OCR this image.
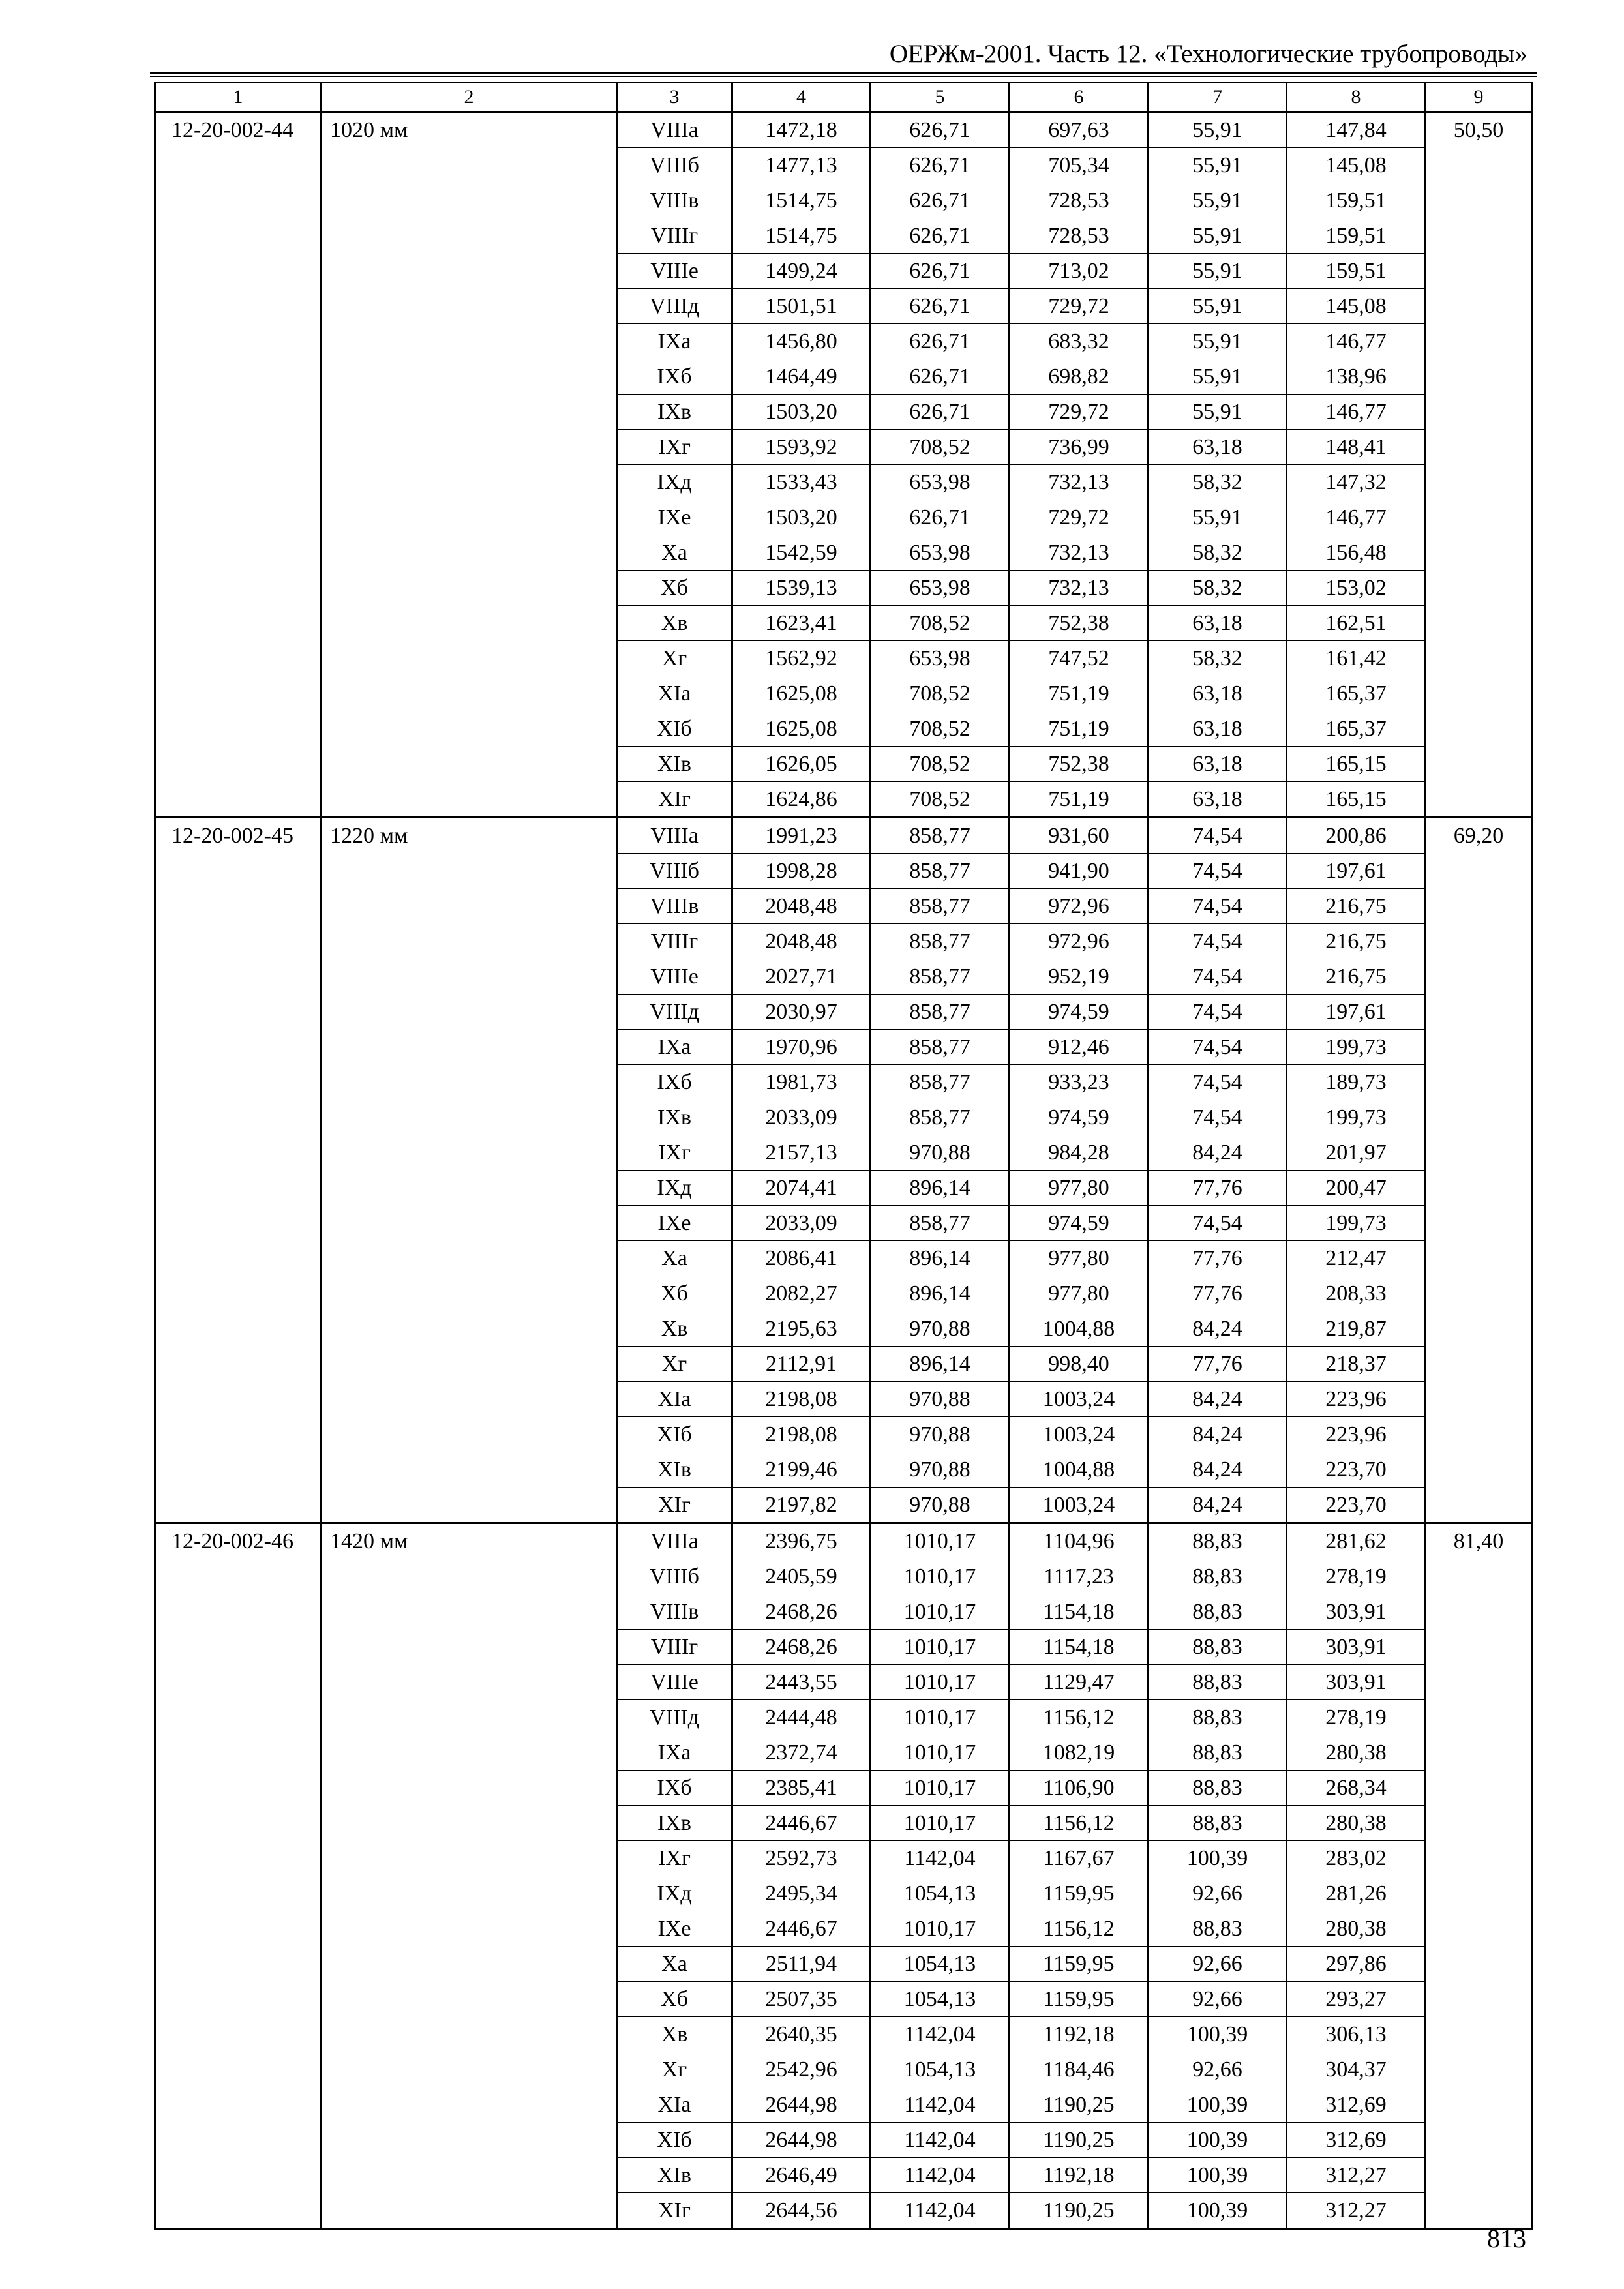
ОЕРЖм-2001. Часть 12. «Технологические трубопроводы»
1	2	3	4	5	6	7	8	9
12-20-002-44	1020 мм	VIIIа	1472,18	626,71	697,63	55,91	147,84	50,50
		VIIIб	1477,13	626,71	705,34	55,91	145,08	
		VIIIв	1514,75	626,71	728,53	55,91	159,51	
		VIIIг	1514,75	626,71	728,53	55,91	159,51	
		VIIIе	1499,24	626,71	713,02	55,91	159,51	
		VIIIд	1501,51	626,71	729,72	55,91	145,08	
		IXа	1456,80	626,71	683,32	55,91	146,77	
		IXб	1464,49	626,71	698,82	55,91	138,96	
		IXв	1503,20	626,71	729,72	55,91	146,77	
		IXг	1593,92	708,52	736,99	63,18	148,41	
		IXд	1533,43	653,98	732,13	58,32	147,32	
		IXе	1503,20	626,71	729,72	55,91	146,77	
		Xа	1542,59	653,98	732,13	58,32	156,48	
		Xб	1539,13	653,98	732,13	58,32	153,02	
		Xв	1623,41	708,52	752,38	63,18	162,51	
		Xг	1562,92	653,98	747,52	58,32	161,42	
		XIа	1625,08	708,52	751,19	63,18	165,37	
		XIб	1625,08	708,52	751,19	63,18	165,37	
		XIв	1626,05	708,52	752,38	63,18	165,15	
		XIг	1624,86	708,52	751,19	63,18	165,15	
12-20-002-45	1220 мм	VIIIа	1991,23	858,77	931,60	74,54	200,86	69,20
		VIIIб	1998,28	858,77	941,90	74,54	197,61	
		VIIIв	2048,48	858,77	972,96	74,54	216,75	
		VIIIг	2048,48	858,77	972,96	74,54	216,75	
		VIIIе	2027,71	858,77	952,19	74,54	216,75	
		VIIIд	2030,97	858,77	974,59	74,54	197,61	
		IXа	1970,96	858,77	912,46	74,54	199,73	
		IXб	1981,73	858,77	933,23	74,54	189,73	
		IXв	2033,09	858,77	974,59	74,54	199,73	
		IXг	2157,13	970,88	984,28	84,24	201,97	
		IXд	2074,41	896,14	977,80	77,76	200,47	
		IXе	2033,09	858,77	974,59	74,54	199,73	
		Xа	2086,41	896,14	977,80	77,76	212,47	
		Xб	2082,27	896,14	977,80	77,76	208,33	
		Xв	2195,63	970,88	1004,88	84,24	219,87	
		Xг	2112,91	896,14	998,40	77,76	218,37	
		XIа	2198,08	970,88	1003,24	84,24	223,96	
		XIб	2198,08	970,88	1003,24	84,24	223,96	
		XIв	2199,46	970,88	1004,88	84,24	223,70	
		XIг	2197,82	970,88	1003,24	84,24	223,70	
12-20-002-46	1420 мм	VIIIа	2396,75	1010,17	1104,96	88,83	281,62	81,40
		VIIIб	2405,59	1010,17	1117,23	88,83	278,19	
		VIIIв	2468,26	1010,17	1154,18	88,83	303,91	
		VIIIг	2468,26	1010,17	1154,18	88,83	303,91	
		VIIIе	2443,55	1010,17	1129,47	88,83	303,91	
		VIIIд	2444,48	1010,17	1156,12	88,83	278,19	
		IXа	2372,74	1010,17	1082,19	88,83	280,38	
		IXб	2385,41	1010,17	1106,90	88,83	268,34	
		IXв	2446,67	1010,17	1156,12	88,83	280,38	
		IXг	2592,73	1142,04	1167,67	100,39	283,02	
		IXд	2495,34	1054,13	1159,95	92,66	281,26	
		IXе	2446,67	1010,17	1156,12	88,83	280,38	
		Xа	2511,94	1054,13	1159,95	92,66	297,86	
		Xб	2507,35	1054,13	1159,95	92,66	293,27	
		Xв	2640,35	1142,04	1192,18	100,39	306,13	
		Xг	2542,96	1054,13	1184,46	92,66	304,37	
		XIа	2644,98	1142,04	1190,25	100,39	312,69	
		XIб	2644,98	1142,04	1190,25	100,39	312,69	
		XIв	2646,49	1142,04	1192,18	100,39	312,27	
		XIг	2644,56	1142,04	1190,25	100,39	312,27	
813
